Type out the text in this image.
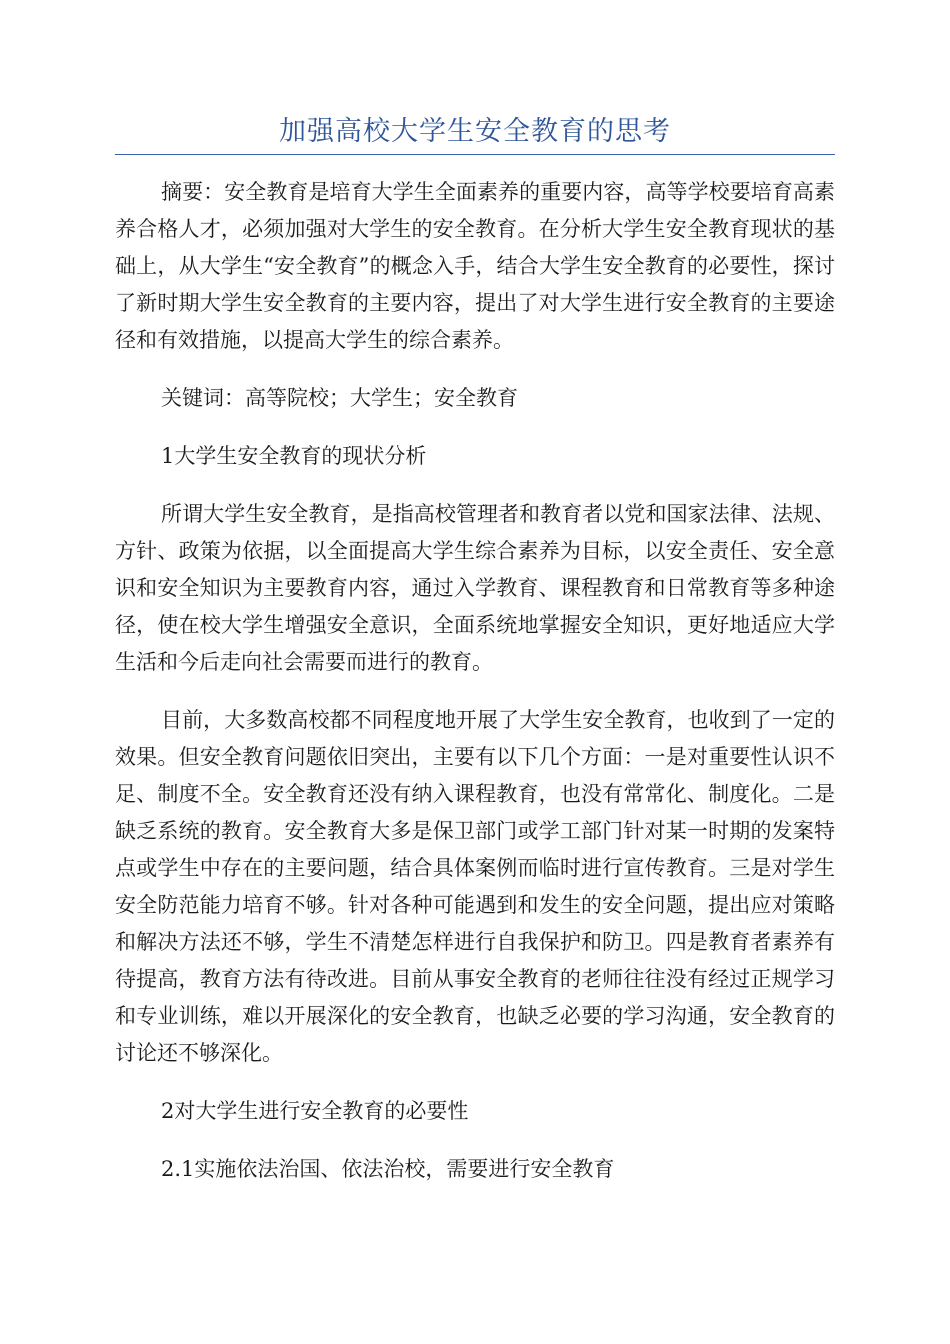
加强高校大学生安全教育的思考

摘要：安全教育是培育大学生全面素养的重要内容，高等学校要培育高素养合格人才，必须加强对大学生的安全教育。在分析大学生安全教育现状的基础上，从大学生“安全教育”的概念入手，结合大学生安全教育的必要性，探讨了新时期大学生安全教育的主要内容，提出了对大学生进行安全教育的主要途径和有效措施，以提高大学生的综合素养。

关键词：高等院校；大学生；安全教育

1大学生安全教育的现状分析

所谓大学生安全教育，是指高校管理者和教育者以党和国家法律、法规、方针、政策为依据，以全面提高大学生综合素养为目标，以安全责任、安全意识和安全知识为主要教育内容，通过入学教育、课程教育和日常教育等多种途径，使在校大学生增强安全意识，全面系统地掌握安全知识，更好地适应大学生活和今后走向社会需要而进行的教育。

目前，大多数高校都不同程度地开展了大学生安全教育，也收到了一定的效果。但安全教育问题依旧突出，主要有以下几个方面：一是对重要性认识不足、制度不全。安全教育还没有纳入课程教育，也没有常常化、制度化。二是缺乏系统的教育。安全教育大多是保卫部门或学工部门针对某一时期的发案特点或学生中存在的主要问题，结合具体案例而临时进行宣传教育。三是对学生安全防范能力培育不够。针对各种可能遇到和发生的安全问题，提出应对策略和解决方法还不够，学生不清楚怎样进行自我保护和防卫。四是教育者素养有待提高，教育方法有待改进。目前从事安全教育的老师往往没有经过正规学习和专业训练，难以开展深化的安全教育，也缺乏必要的学习沟通，安全教育的讨论还不够深化。

2对大学生进行安全教育的必要性

2.1实施依法治国、依法治校，需要进行安全教育
